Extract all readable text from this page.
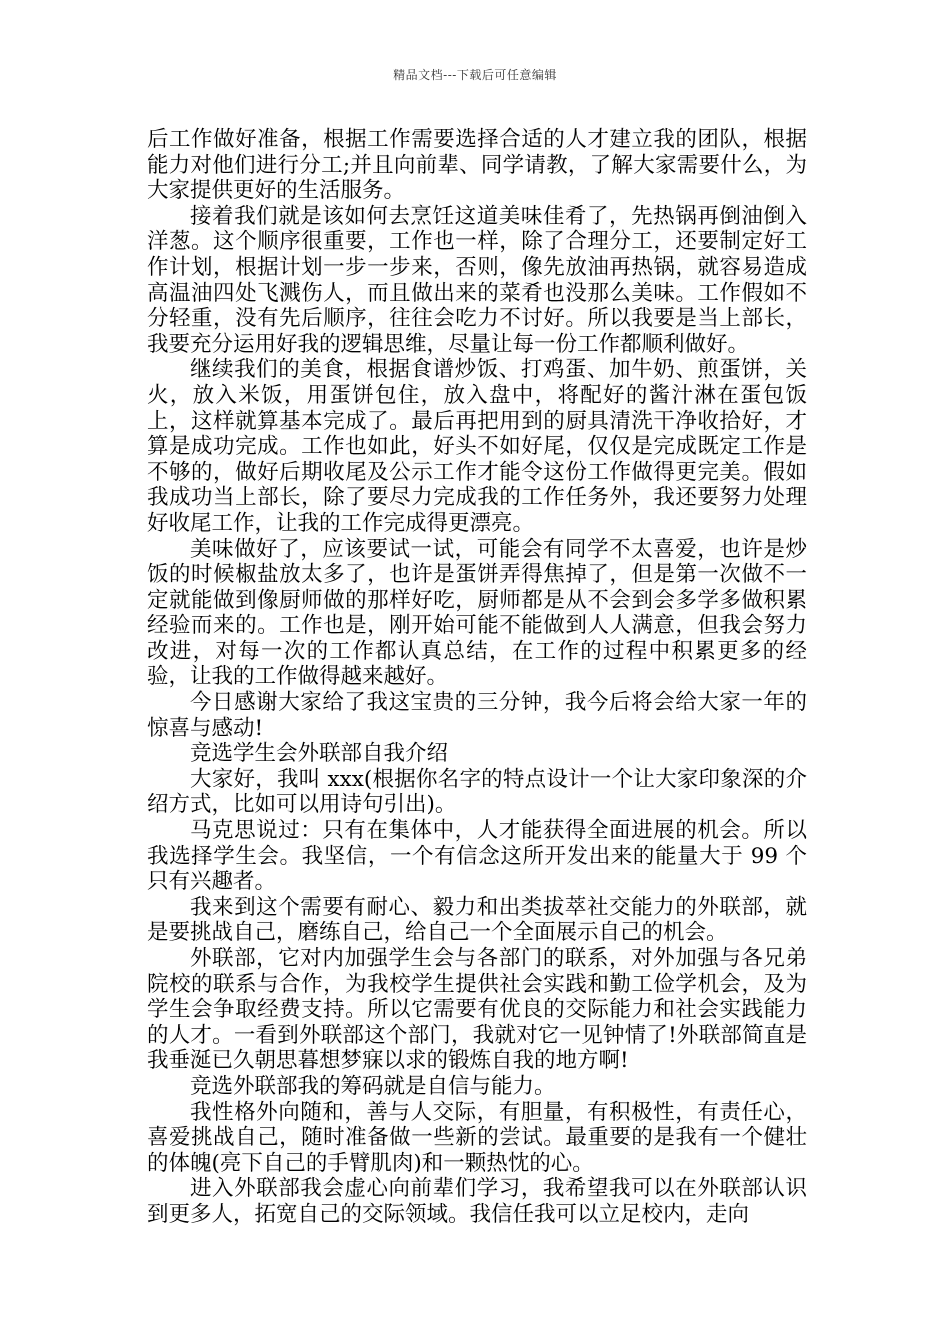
精品文档---下载后可任意编辑

后工作做好准备，根据工作需要选择合适的人才建立我的团队，根据能力对他们进行分工;并且向前辈、同学请教，了解大家需要什么，为大家提供更好的生活服务。

接着我们就是该如何去烹饪这道美味佳肴了，先热锅再倒油倒入洋葱。这个顺序很重要，工作也一样，除了合理分工，还要制定好工作计划，根据计划一步一步来，否则，像先放油再热锅，就容易造成高温油四处飞溅伤人，而且做出来的菜肴也没那么美味。工作假如不分轻重，没有先后顺序，往往会吃力不讨好。所以我要是当上部长，我要充分运用好我的逻辑思维，尽量让每一份工作都顺利做好。

继续我们的美食，根据食谱炒饭、打鸡蛋、加牛奶、煎蛋饼，关火，放入米饭，用蛋饼包住，放入盘中，将配好的酱汁淋在蛋包饭上，这样就算基本完成了。最后再把用到的厨具清洗干净收拾好，才算是成功完成。工作也如此，好头不如好尾，仅仅是完成既定工作是不够的，做好后期收尾及公示工作才能令这份工作做得更完美。假如我成功当上部长，除了要尽力完成我的工作任务外，我还要努力处理好收尾工作，让我的工作完成得更漂亮。

美味做好了，应该要试一试，可能会有同学不太喜爱，也许是炒饭的时候椒盐放太多了，也许是蛋饼弄得焦掉了，但是第一次做不一定就能做到像厨师做的那样好吃，厨师都是从不会到会多学多做积累经验而来的。工作也是，刚开始可能不能做到人人满意，但我会努力改进，对每一次的工作都认真总结，在工作的过程中积累更多的经验，让我的工作做得越来越好。

今日感谢大家给了我这宝贵的三分钟，我今后将会给大家一年的惊喜与感动!

竞选学生会外联部自我介绍

大家好，我叫 xxx(根据你名字的特点设计一个让大家印象深的介绍方式，比如可以用诗句引出)。

马克思说过：只有在集体中，人才能获得全面进展的机会。所以我选择学生会。我坚信，一个有信念这所开发出来的能量大于 99 个只有兴趣者。

我来到这个需要有耐心、毅力和出类拔萃社交能力的外联部，就是要挑战自己，磨练自己，给自己一个全面展示自己的机会。

外联部，它对内加强学生会与各部门的联系，对外加强与各兄弟院校的联系与合作，为我校学生提供社会实践和勤工俭学机会，及为学生会争取经费支持。所以它需要有优良的交际能力和社会实践能力的人才。一看到外联部这个部门，我就对它一见钟情了!外联部简直是我垂涎已久朝思暮想梦寐以求的锻炼自我的地方啊!

竞选外联部我的筹码就是自信与能力。

我性格外向随和，善与人交际，有胆量，有积极性，有责任心，喜爱挑战自己，随时准备做一些新的尝试。最重要的是我有一个健壮的体魄(亮下自己的手臂肌肉)和一颗热忱的心。

进入外联部我会虚心向前辈们学习，我希望我可以在外联部认识到更多人，拓宽自己的交际领域。我信任我可以立足校内，走向
